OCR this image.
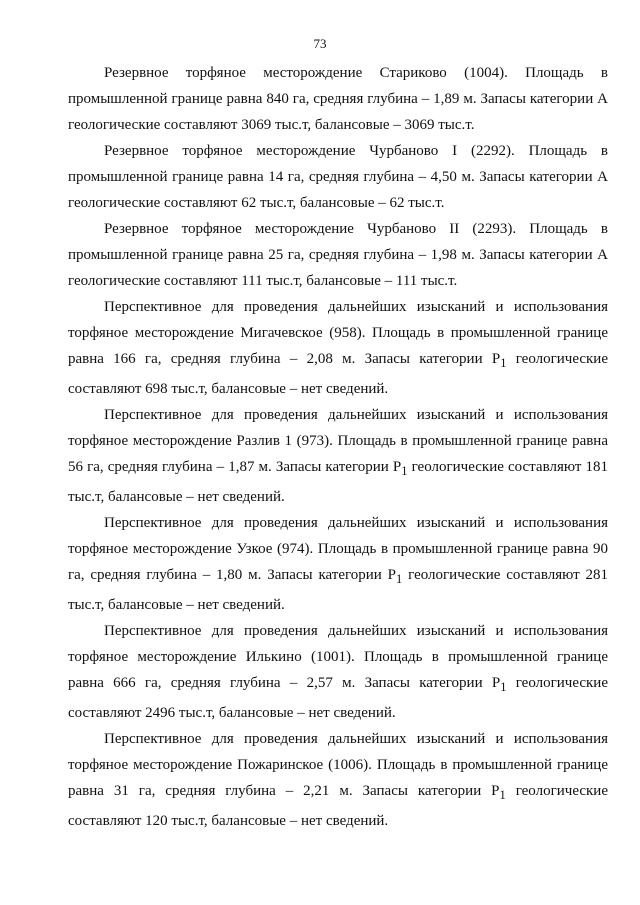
73

Резервное торфяное месторождение Стариково (1004). Площадь в промышленной границе равна 840 га, средняя глубина – 1,89 м. Запасы категории А геологические составляют 3069 тыс.т, балансовые – 3069 тыс.т.

Резервное торфяное месторождение Чурбаново I (2292). Площадь в промышленной границе равна 14 га, средняя глубина – 4,50 м. Запасы категории А геологические составляют 62 тыс.т, балансовые – 62 тыс.т.

Резервное торфяное месторождение Чурбаново II (2293). Площадь в промышленной границе равна 25 га, средняя глубина – 1,98 м. Запасы категории А геологические составляют 111 тыс.т, балансовые – 111 тыс.т.

Перспективное для проведения дальнейших изысканий и использования торфяное месторождение Мигачевское (958). Площадь в промышленной границе равна 166 га, средняя глубина – 2,08 м. Запасы категории $Р_1$ геологические составляют 698 тыс.т, балансовые – нет сведений.

Перспективное для проведения дальнейших изысканий и использования торфяное месторождение Разлив 1 (973). Площадь в промышленной границе равна 56 га, средняя глубина – 1,87 м. Запасы категории $Р_1$ геологические составляют 181 тыс.т, балансовые – нет сведений.

Перспективное для проведения дальнейших изысканий и использования торфяное месторождение Узкое (974). Площадь в промышленной границе равна 90 га, средняя глубина – 1,80 м. Запасы категории $Р_1$ геологические составляют 281 тыс.т, балансовые – нет сведений.

Перспективное для проведения дальнейших изысканий и использования торфяное месторождение Илькино (1001). Площадь в промышленной границе равна 666 га, средняя глубина – 2,57 м. Запасы категории $Р_1$ геологические составляют 2496 тыс.т, балансовые – нет сведений.

Перспективное для проведения дальнейших изысканий и использования торфяное месторождение Пожаринское (1006). Площадь в промышленной границе равна 31 га, средняя глубина – 2,21 м. Запасы категории $Р_1$ геологические составляют 120 тыс.т, балансовые – нет сведений.
